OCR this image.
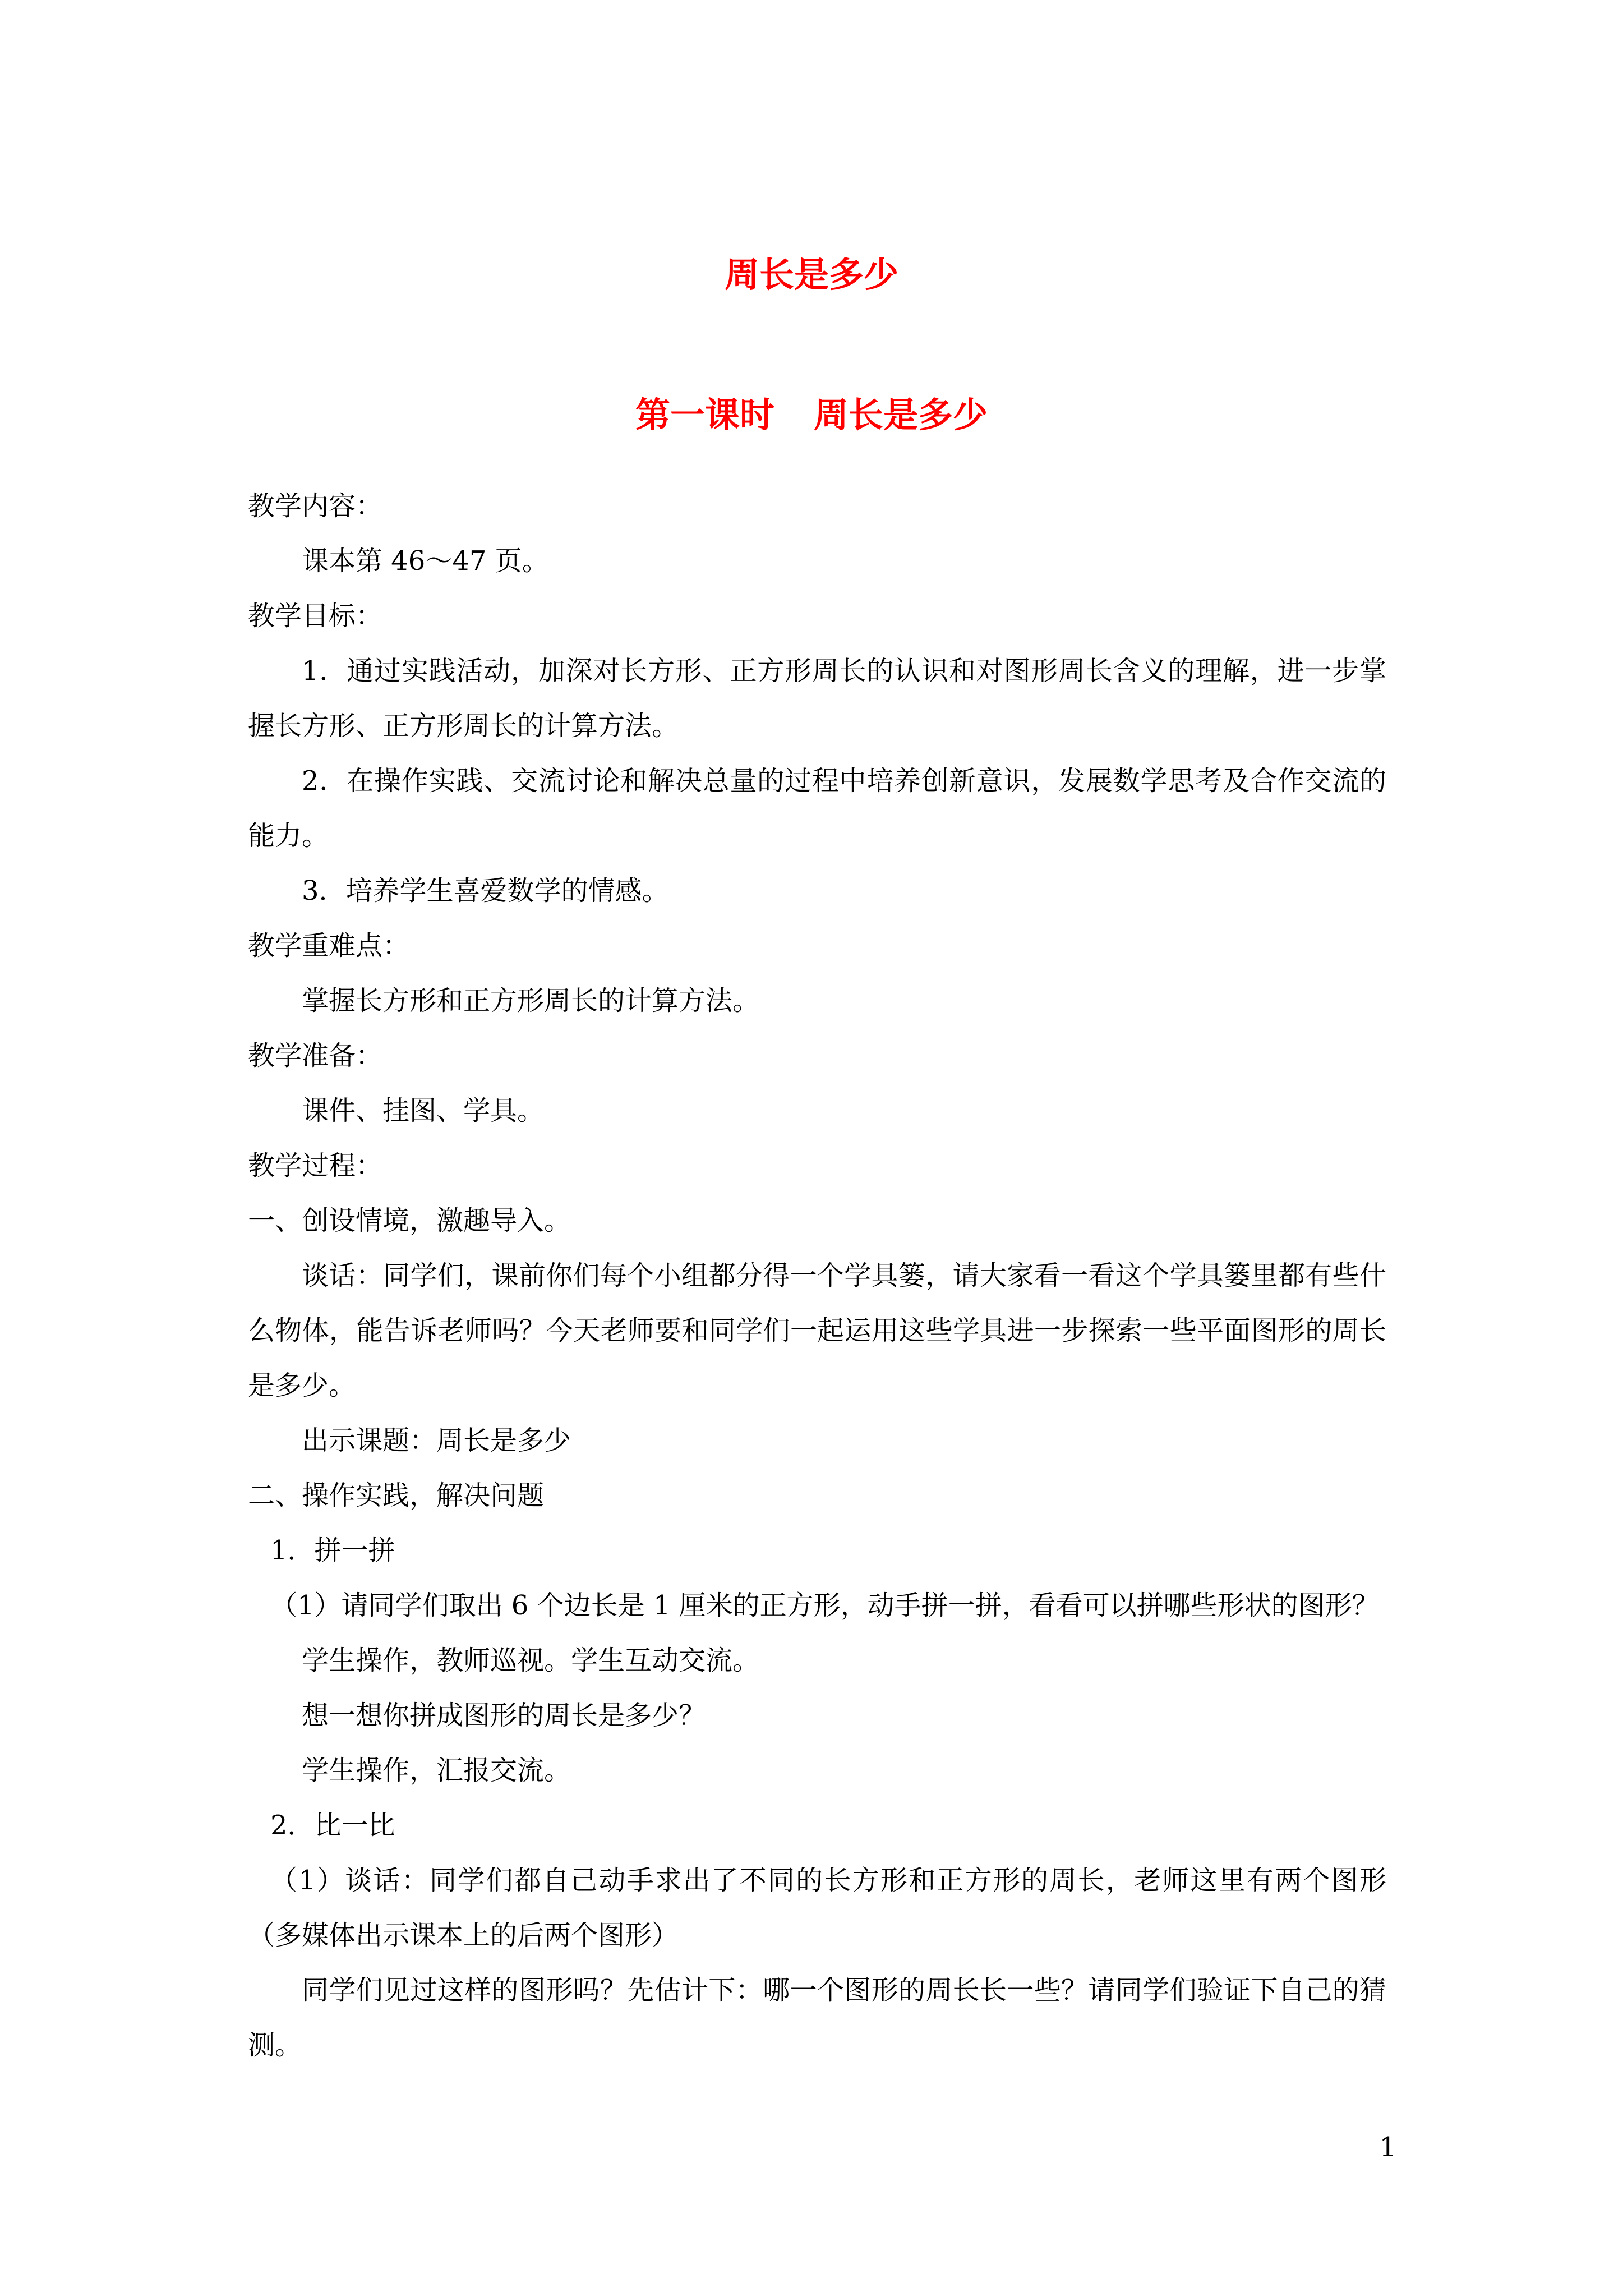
周长是多少
第一课时 周长是多少

教学内容：

课本第 46～47 页。

教学目标：

1．通过实践活动，加深对长方形、正方形周长的认识和对图形周长含义的理解，进一步掌握长方形、正方形周长的计算方法。

2．在操作实践、交流讨论和解决总量的过程中培养创新意识，发展数学思考及合作交流的能力。

3．培养学生喜爱数学的情感。

教学重难点：

掌握长方形和正方形周长的计算方法。

教学准备：

课件、挂图、学具。

教学过程：

一、创设情境，激趣导入。

谈话：同学们，课前你们每个小组都分得一个学具篓，请大家看一看这个学具篓里都有些什么物体，能告诉老师吗？今天老师要和同学们一起运用这些学具进一步探索一些平面图形的周长是多少。

出示课题：周长是多少

二、操作实践，解决问题

1．拼一拼

（1）请同学们取出 6 个边长是 1 厘米的正方形，动手拼一拼，看看可以拼哪些形状的图形？

学生操作，教师巡视。学生互动交流。

想一想你拼成图形的周长是多少？

学生操作，汇报交流。

2．比一比

（1）谈话：同学们都自己动手求出了不同的长方形和正方形的周长，老师这里有两个图形（多媒体出示课本上的后两个图形）

同学们见过这样的图形吗？先估计下：哪一个图形的周长长一些？请同学们验证下自己的猜测。

1
